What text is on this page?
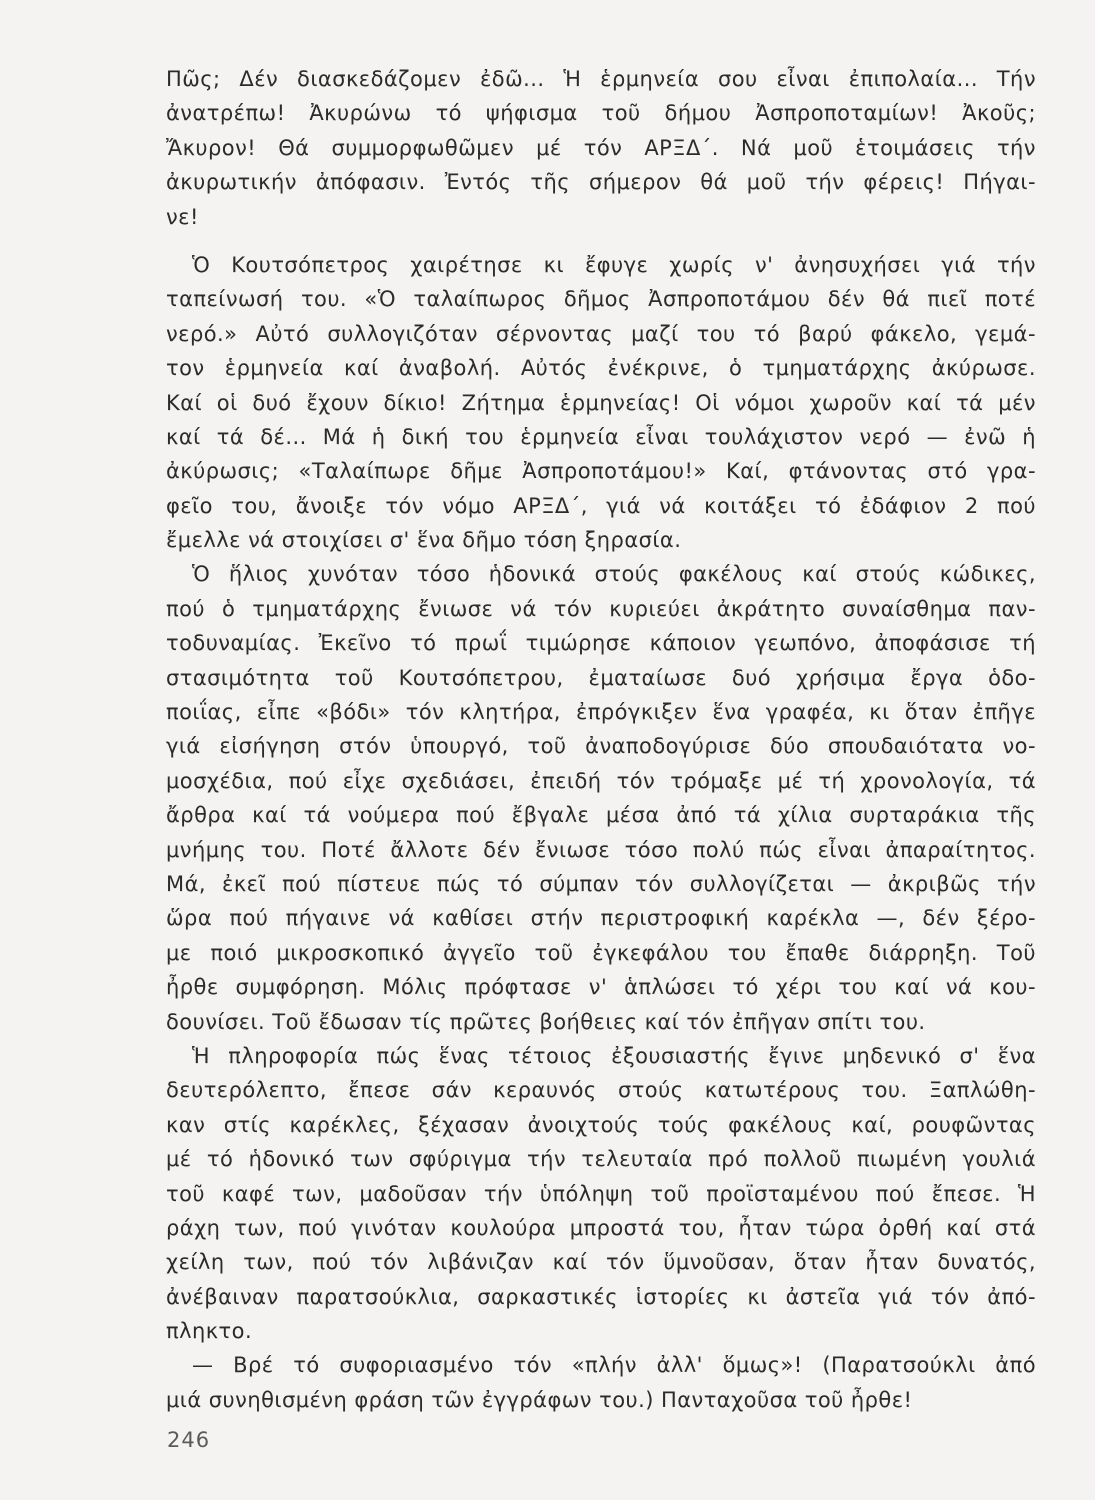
Πῶς; Δέν διασκεδάζομεν ἐδῶ... Ἡ ἑρμηνεία σου εἶναι ἐπιπολαία... Τήν
ἀνατρέπω! Ἀκυρώνω τό ψήφισμα τοῦ δήμου Ἀσπροποταμίων! Ἀκοῦς;
Ἄκυρον! Θά συμμορφωθῶμεν μέ τόν ΑΡΞΔ΄. Νά μοῦ ἑτοιμάσεις τήν
ἀκυρωτικήν ἀπόφασιν. Ἐντός τῆς σήμερον θά μοῦ τήν φέρεις! Πήγαι-
νε!
Ὁ Κουτσόπετρος χαιρέτησε κι ἔφυγε χωρίς ν' ἀνησυχήσει γιά τήν
ταπείνωσή του. «Ὁ ταλαίπωρος δῆμος Ἀσπροποτάμου δέν θά πιεῖ ποτέ
νερό.» Αὐτό συλλογιζόταν σέρνοντας μαζί του τό βαρύ φάκελο, γεμά-
τον ἑρμηνεία καί ἀναβολή. Αὐτός ἐνέκρινε, ὁ τμηματάρχης ἀκύρωσε.
Καί οἱ δυό ἔχουν δίκιο! Ζήτημα ἑρμηνείας! Οἱ νόμοι χωροῦν καί τά μέν
καί τά δέ... Μά ἡ δική του ἑρμηνεία εἶναι τουλάχιστον νερό — ἐνῶ ἡ
ἀκύρωσις; «Ταλαίπωρε δῆμε Ἀσπροποτάμου!» Καί, φτάνοντας στό γρα-
φεῖο του, ἄνοιξε τόν νόμο ΑΡΞΔ΄, γιά νά κοιτάξει τό ἐδάφιον 2 πού
ἔμελλε νά στοιχίσει σ' ἕνα δῆμο τόση ξηρασία.
Ὁ ἥλιος χυνόταν τόσο ἡδονικά στούς φακέλους καί στούς κώδικες,
πού ὁ τμηματάρχης ἔνιωσε νά τόν κυριεύει ἀκράτητο συναίσθημα παν-
τοδυναμίας. Ἐκεῖνο τό πρωΐ τιμώρησε κάποιον γεωπόνο, ἀποφάσισε τή
στασιμότητα τοῦ Κουτσόπετρου, ἐματαίωσε δυό χρήσιμα ἔργα ὁδο-
ποιΐας, εἶπε «βόδι» τόν κλητήρα, ἐπρόγκιξεν ἕνα γραφέα, κι ὅταν ἐπῆγε
γιά εἰσήγηση στόν ὑπουργό, τοῦ ἀναποδογύρισε δύο σπουδαιότατα νο-
μοσχέδια, πού εἶχε σχεδιάσει, ἐπειδή τόν τρόμαξε μέ τή χρονολογία, τά
ἄρθρα καί τά νούμερα πού ἔβγαλε μέσα ἀπό τά χίλια συρταράκια τῆς
μνήμης του. Ποτέ ἄλλοτε δέν ἔνιωσε τόσο πολύ πώς εἶναι ἀπαραίτητος.
Μά, ἐκεῖ πού πίστευε πώς τό σύμπαν τόν συλλογίζεται — ἀκριβῶς τήν
ὥρα πού πήγαινε νά καθίσει στήν περιστροφική καρέκλα —, δέν ξέρο-
με ποιό μικροσκοπικό ἀγγεῖο τοῦ ἐγκεφάλου του ἔπαθε διάρρηξη. Τοῦ
ἦρθε συμφόρηση. Μόλις πρόφτασε ν' ἁπλώσει τό χέρι του καί νά κου-
δουνίσει. Τοῦ ἔδωσαν τίς πρῶτες βοήθειες καί τόν ἐπῆγαν σπίτι του.
Ἡ πληροφορία πώς ἕνας τέτοιος ἐξουσιαστής ἔγινε μηδενικό σ' ἕνα
δευτερόλεπτο, ἔπεσε σάν κεραυνός στούς κατωτέρους του. Ξαπλώθη-
καν στίς καρέκλες, ξέχασαν ἀνοιχτούς τούς φακέλους καί, ρουφῶντας
μέ τό ἡδονικό των σφύριγμα τήν τελευταία πρό πολλοῦ πιωμένη γουλιά
τοῦ καφέ των, μαδοῦσαν τήν ὑπόληψη τοῦ προϊσταμένου πού ἔπεσε. Ἡ
ράχη των, πού γινόταν κουλούρα μπροστά του, ἦταν τώρα ὀρθή καί στά
χείλη των, πού τόν λιβάνιζαν καί τόν ὕμνοῦσαν, ὅταν ἦταν δυνατός,
ἀνέβαιναν παρατσούκλια, σαρκαστικές ἱστορίες κι ἀστεῖα γιά τόν ἀπό-
πληκτο.
— Βρέ τό συφοριασμένο τόν «πλήν ἀλλ' ὅμως»! (Παρατσούκλι ἀπό
μιά συνηθισμένη φράση τῶν ἐγγράφων του.) Πανταχοῦσα τοῦ ἦρθε!
246
